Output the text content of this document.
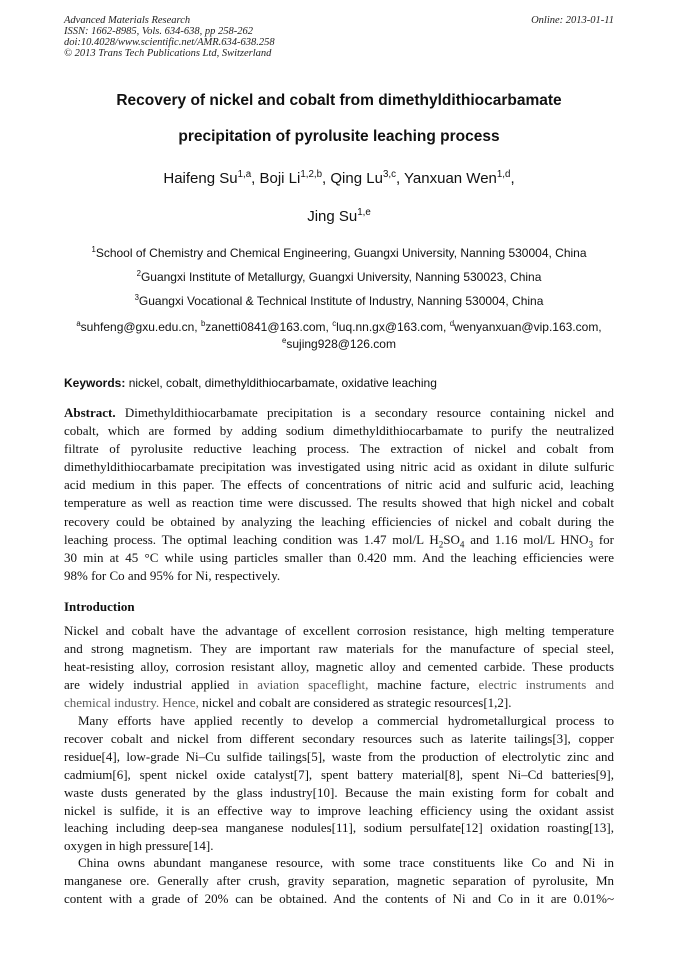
Advanced Materials Research
ISSN: 1662-8985, Vols. 634-638, pp 258-262
doi:10.4028/www.scientific.net/AMR.634-638.258
© 2013 Trans Tech Publications Ltd, Switzerland
Online: 2013-01-11
Recovery of nickel and cobalt from dimethyldithiocarbamate
precipitation of pyrolusite leaching process
Haifeng Su$^{1,a}$, Boji Li$^{1,2,b}$, Qing Lu$^{3,c}$, Yanxuan Wen$^{1,d}$,
Jing Su$^{1,e}$
$^1$School of Chemistry and Chemical Engineering, Guangxi University, Nanning 530004, China
$^2$Guangxi Institute of Metallurgy, Guangxi University, Nanning 530023, China
$^3$Guangxi Vocational & Technical Institute of Industry, Nanning 530004, China
$^a$suhfeng@gxu.edu.cn, $^b$zanetti0841@163.com, $^c$luq.nn.gx@163.com, $^d$wenyanxuan@vip.163.com,
$^e$sujing928@126.com
Keywords: nickel, cobalt, dimethyldithiocarbamate, oxidative leaching
Abstract. Dimethyldithiocarbamate precipitation is a secondary resource containing nickel and
cobalt, which are formed by adding sodium dimethyldithiocarbamate to purify the neutralized
filtrate of pyrolusite reductive leaching process. The extraction of nickel and cobalt from
dimethyldithiocarbamate precipitation was investigated using nitric acid as oxidant in dilute sulfuric
acid medium in this paper. The effects of concentrations of nitric acid and sulfuric acid, leaching
temperature as well as reaction time were discussed. The results showed that high nickel and cobalt
recovery could be obtained by analyzing the leaching efficiencies of nickel and cobalt during the
leaching process. The optimal leaching condition was 1.47 mol/L $H_2SO_4$ and 1.16 mol/L $HNO_3$ for
30 min at 45 °C while using particles smaller than 0.420 mm. And the leaching efficiencies were
98% for Co and 95% for Ni, respectively.
Introduction
Nickel and cobalt have the advantage of excellent corrosion resistance, high melting temperature
and strong magnetism. They are important raw materials for the manufacture of special steel,
heat-resisting alloy, corrosion resistant alloy, magnetic alloy and cemented carbide. These products
are widely industrial applied in aviation spaceflight, machine facture, electric instruments and
chemical industry. Hence, nickel and cobalt are considered as strategic resources[1,2].
Many efforts have applied recently to develop a commercial hydrometallurgical process to
recover cobalt and nickel from different secondary resources such as laterite tailings[3], copper
residue[4], low-grade Ni–Cu sulfide tailings[5], waste from the production of electrolytic zinc and
cadmium[6], spent nickel oxide catalyst[7], spent battery material[8], spent Ni–Cd batteries[9],
waste dusts generated by the glass industry[10]. Because the main existing form for cobalt and
nickel is sulfide, it is an effective way to improve leaching efficiency using the oxidant assist
leaching including deep-sea manganese nodules[11], sodium persulfate[12] oxidation roasting[13],
oxygen in high pressure[14].
China owns abundant manganese resource, with some trace constituents like Co and Ni in
manganese ore. Generally after crush, gravity separation, magnetic separation of pyrolusite, Mn
content with a grade of 20% can be obtained. And the contents of Ni and Co in it are 0.01%~
